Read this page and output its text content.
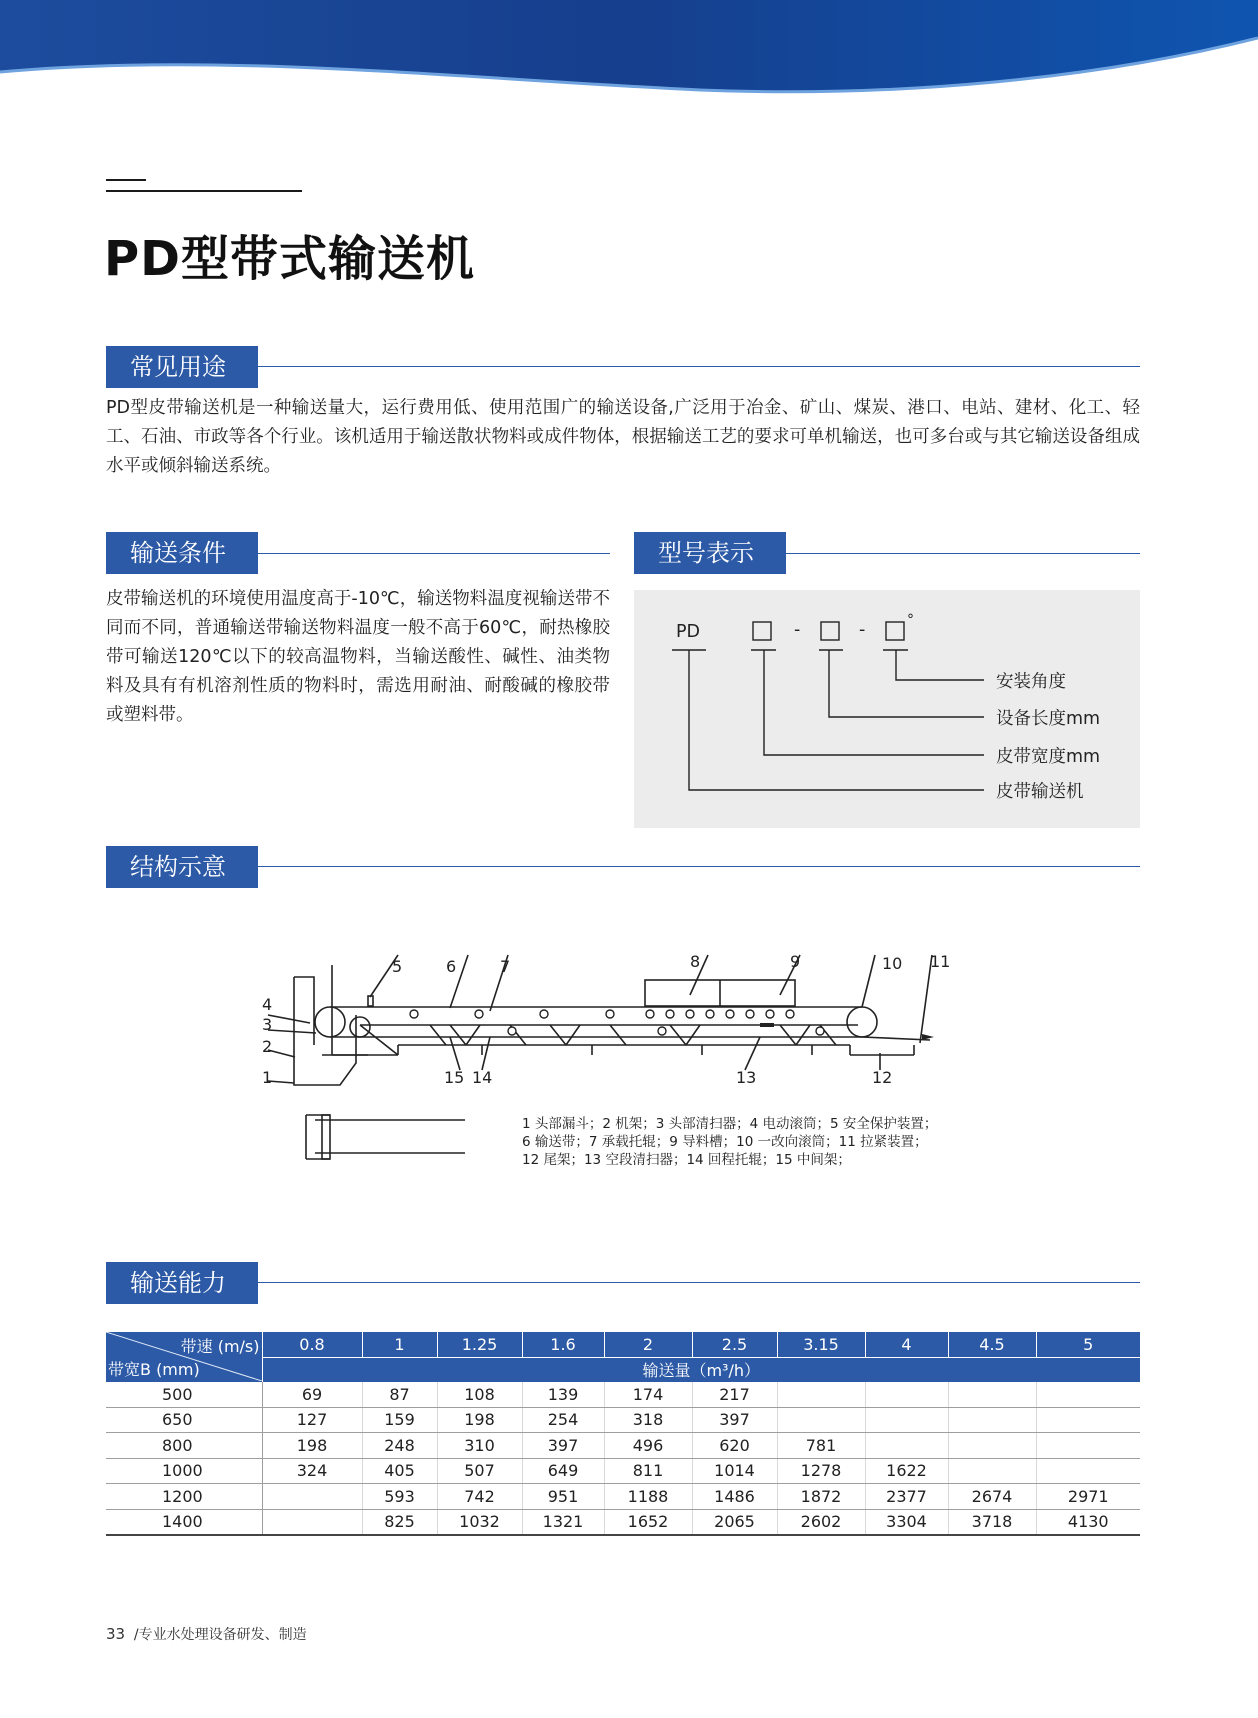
PD型带式输送机
常见用途
PD型皮带输送机是一种输送量大，运行费用低、使用范围广的输送设备,广泛用于冶金、矿山、煤炭、港口、电站、建材、化工、轻工、石油、市政等各个行业。该机适用于输送散状物料或成件物体，根据输送工艺的要求可单机输送，也可多台或与其它输送设备组成水平或倾斜输送系统。
输送条件
皮带输送机的环境使用温度高于-10℃，输送物料温度视输送带不同而不同，普通输送带输送物料温度一般不高于60℃，耐热橡胶带可输送120℃以下的较高温物料，当输送酸性、碱性、油类物料及具有有机溶剂性质的物料时，需选用耐油、耐酸碱的橡胶带或塑料带。
型号表示
PD	-	-	°
安装角度
设备长度mm
皮带宽度mm
皮带输送机
结构示意
1
2
3
4
5	6	7	8	9	10 11
12
13
14
15
1 头部漏斗；2 机架；3 头部清扫器；4 电动滚筒；5 安全保护装置；
6 输送带；7 承载托辊；9 导料槽；10 一改向滚筒；11 拉紧装置；
12 尾架；13 空段清扫器；14 回程托辊；15 中间架；
输送能力
带速 (m/s)
带宽B (mm)	0.8	1	1.25	1.6	2	2.5	3.15	4	4.5	5
	输送量（m³/h）									
500	69	87	108	139	174	217				
650	127	159	198	254	318	397				
800	198	248	310	397	496	620	781			
1000	324	405	507	649	811	1014	1278	1622		
1200		593	742	951	1188	1486	1872	2377	2674	2971
1400		825	1032	1321	1652	2065	2602	3304	3718	4130
33 /专业水处理设备研发、制造
